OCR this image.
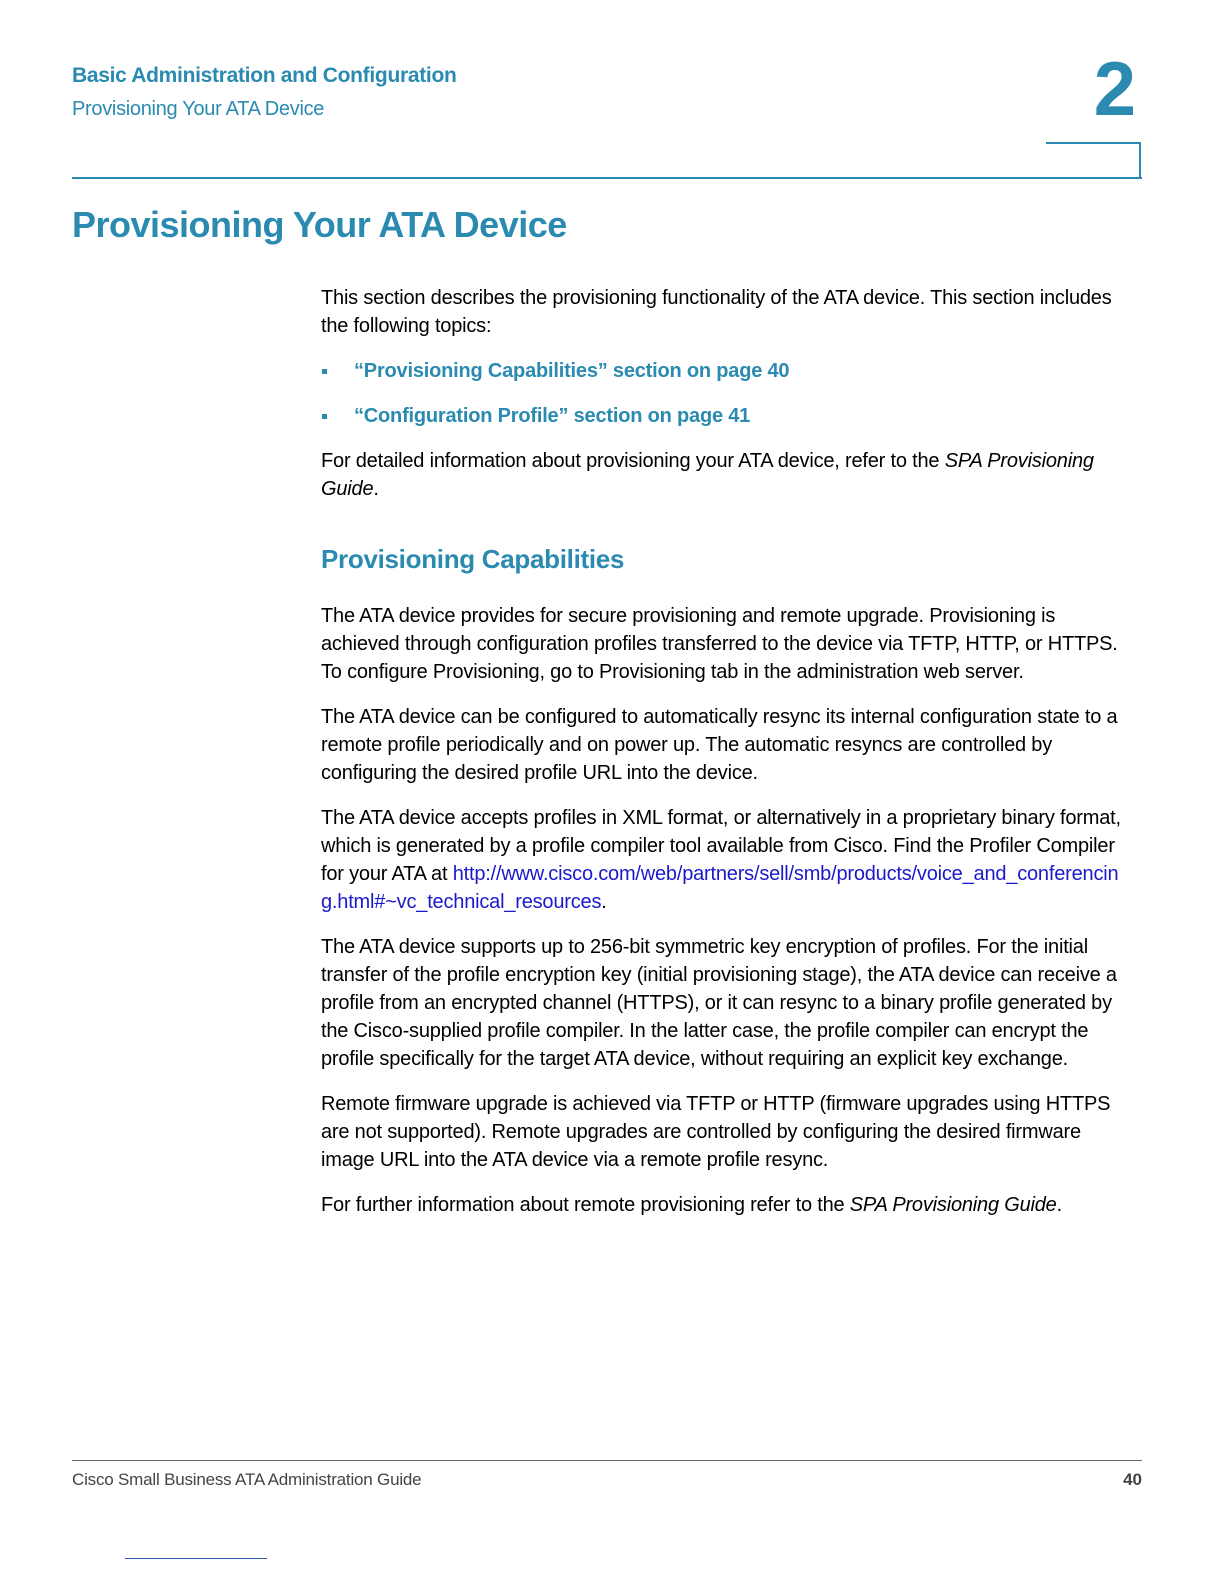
Basic Administration and Configuration
Provisioning Your ATA Device	2
Provisioning Your ATA Device

This section describes the provisioning functionality of the ATA device. This section includes the following topics:

“Provisioning Capabilities” section on page 40
“Configuration Profile” section on page 41

For detailed information about provisioning your ATA device, refer to the SPA Provisioning Guide.

Provisioning Capabilities

The ATA device provides for secure provisioning and remote upgrade. Provisioning is achieved through configuration profiles transferred to the device via TFTP, HTTP, or HTTPS. To configure Provisioning, go to Provisioning tab in the administration web server.

The ATA device can be configured to automatically resync its internal configuration state to a remote profile periodically and on power up. The automatic resyncs are controlled by configuring the desired profile URL into the device.

The ATA device accepts profiles in XML format, or alternatively in a proprietary binary format, which is generated by a profile compiler tool available from Cisco. Find the Profiler Compiler for your ATA at http://www.cisco.com/web/partners/sell/smb/products/voice_and_conferencing.html#~vc_technical_resources.

The ATA device supports up to 256-bit symmetric key encryption of profiles. For the initial transfer of the profile encryption key (initial provisioning stage), the ATA device can receive a profile from an encrypted channel (HTTPS), or it can resync to a binary profile generated by the Cisco-supplied profile compiler. In the latter case, the profile compiler can encrypt the profile specifically for the target ATA device, without requiring an explicit key exchange.

Remote firmware upgrade is achieved via TFTP or HTTP (firmware upgrades using HTTPS are not supported). Remote upgrades are controlled by configuring the desired firmware image URL into the ATA device via a remote profile resync.

For further information about remote provisioning refer to the SPA Provisioning Guide.

Cisco Small Business ATA Administration Guide	40
